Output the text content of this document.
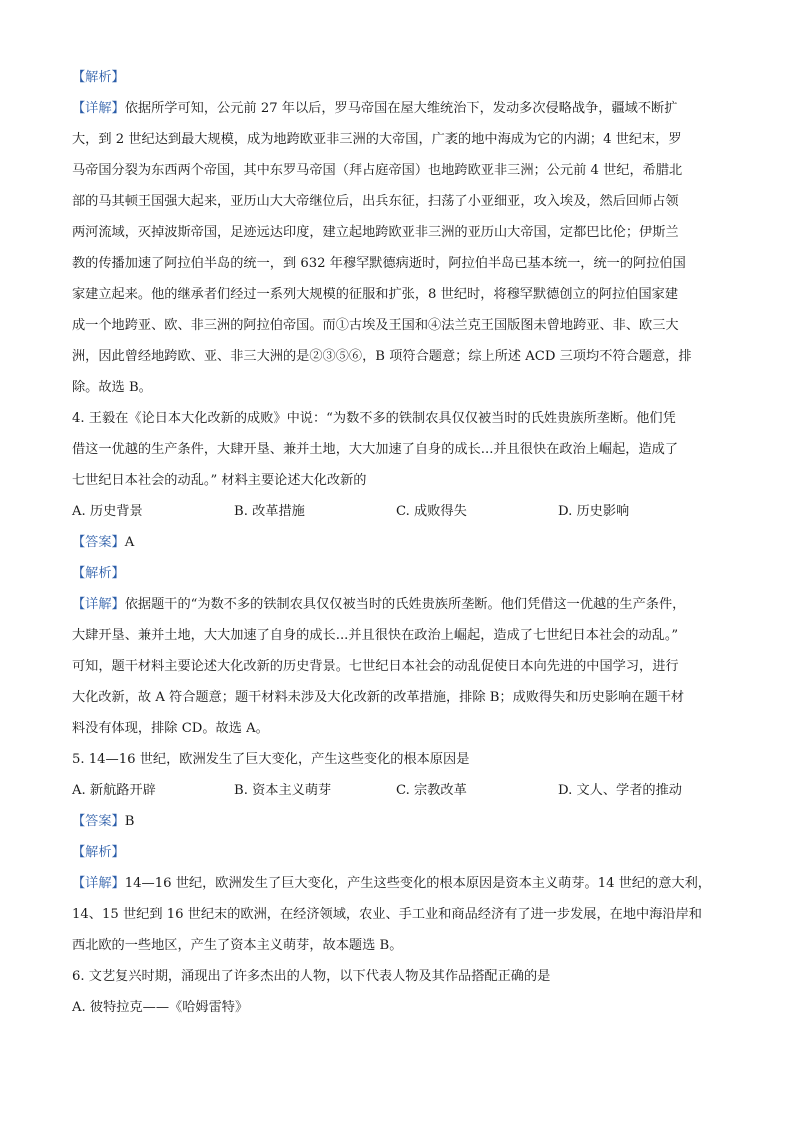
【解析】
【详解】依据所学可知，公元前 27 年以后，罗马帝国在屋大维统治下，发动多次侵略战争，疆域不断扩
大，到 2 世纪达到最大规模，成为地跨欧亚非三洲的大帝国，广袤的地中海成为它的内湖；4 世纪末，罗
马帝国分裂为东西两个帝国，其中东罗马帝国（拜占庭帝国）也地跨欧亚非三洲；公元前 4 世纪，希腊北
部的马其顿王国强大起来，亚历山大大帝继位后，出兵东征，扫荡了小亚细亚，攻入埃及，然后回师占领
两河流域，灭掉波斯帝国，足迹远达印度，建立起地跨欧亚非三洲的亚历山大帝国，定都巴比伦；伊斯兰
教的传播加速了阿拉伯半岛的统一，到 632 年穆罕默德病逝时，阿拉伯半岛已基本统一，统一的阿拉伯国
家建立起来。他的继承者们经过一系列大规模的征服和扩张，8 世纪时，将穆罕默德创立的阿拉伯国家建
成一个地跨亚、欧、非三洲的阿拉伯帝国。而①古埃及王国和④法兰克王国版图未曾地跨亚、非、欧三大
洲，因此曾经地跨欧、亚、非三大洲的是②③⑤⑥，B 项符合题意；综上所述 ACD 三项均不符合题意，排
除。故选 B。
4. 王毅在《论日本大化改新的成败》中说：“为数不多的铁制农具仅仅被当时的氏姓贵族所垄断。他们凭
借这一优越的生产条件，大肆开垦、兼并土地，大大加速了自身的成长...并且很快在政治上崛起，造成了
七世纪日本社会的动乱。” 材料主要论述大化改新的
A. 历史背景	B. 改革措施	C. 成败得失	D. 历史影响
【答案】A
【解析】
【详解】依据题干的“为数不多的铁制农具仅仅被当时的氏姓贵族所垄断。他们凭借这一优越的生产条件，
大肆开垦、兼并土地，大大加速了自身的成长...并且很快在政治上崛起，造成了七世纪日本社会的动乱。”
可知，题干材料主要论述大化改新的历史背景。七世纪日本社会的动乱促使日本向先进的中国学习，进行
大化改新，故 A 符合题意；题干材料未涉及大化改新的改革措施，排除 B；成败得失和历史影响在题干材
料没有体现，排除 CD。故选 A。
5. 14—16 世纪，欧洲发生了巨大变化，产生这些变化的根本原因是
A. 新航路开辟	B. 资本主义萌芽	C. 宗教改革	D. 文人、学者的推动
【答案】B
【解析】
【详解】14—16 世纪，欧洲发生了巨大变化，产生这些变化的根本原因是资本主义萌芽。14 世纪的意大利，
14、15 世纪到 16 世纪末的欧洲，在经济领域，农业、手工业和商品经济有了进一步发展，在地中海沿岸和
西北欧的一些地区，产生了资本主义萌芽，故本题选 B。
6. 文艺复兴时期，涌现出了许多杰出的人物，以下代表人物及其作品搭配正确的是
A. 彼特拉克——《哈姆雷特》
